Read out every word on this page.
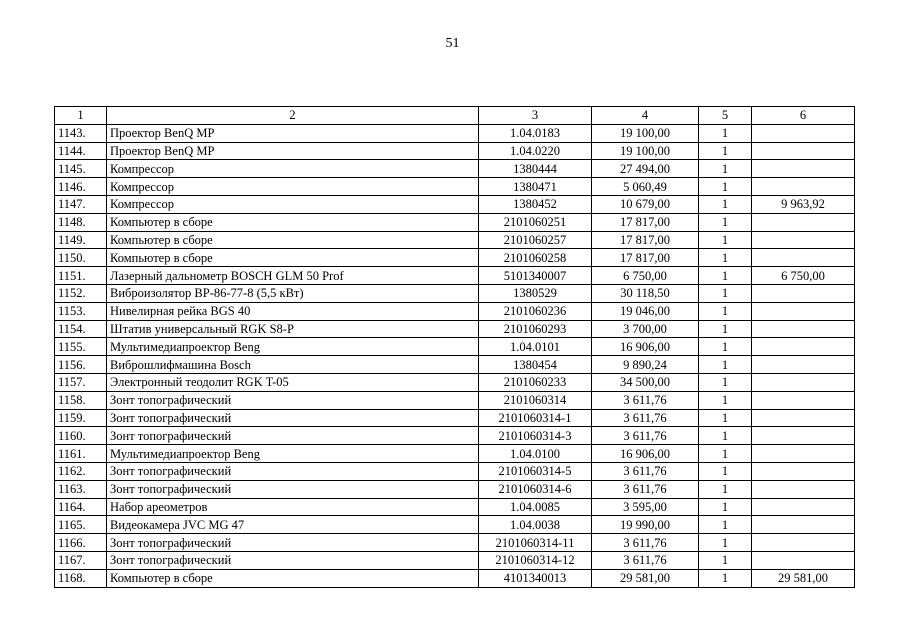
51
1	2	3	4	5	6
1143.	Проектор BenQ MP	1.04.0183	19 100,00	1	
1144.	Проектор BenQ MP	1.04.0220	19 100,00	1	
1145.	Компрессор	1380444	27 494,00	1	
1146.	Компрессор	1380471	5 060,49	1	
1147.	Компрессор	1380452	10 679,00	1	9 963,92
1148.	Компьютер в сборе	2101060251	17 817,00	1	
1149.	Компьютер в сборе	2101060257	17 817,00	1	
1150.	Компьютер в сборе	2101060258	17 817,00	1	
1151.	Лазерный дальнометр BOSCH GLM 50 Prof	5101340007	6 750,00	1	6 750,00
1152.	Виброизолятор ВР-86-77-8 (5,5 кВт)	1380529	30 118,50	1	
1153.	Нивелирная рейка BGS 40	2101060236	19 046,00	1	
1154.	Штатив универсальный RGK S8-P	2101060293	3 700,00	1	
1155.	Мультимедиапроектор Beng	1.04.0101	16 906,00	1	
1156.	Виброшлифмашина Bosch	1380454	9 890,24	1	
1157.	Электронный теодолит RGK T-05	2101060233	34 500,00	1	
1158.	Зонт топографический	2101060314	3 611,76	1	
1159.	Зонт топографический	2101060314-1	3 611,76	1	
1160.	Зонт топографический	2101060314-3	3 611,76	1	
1161.	Мультимедиапроектор Beng	1.04.0100	16 906,00	1	
1162.	Зонт топографический	2101060314-5	3 611,76	1	
1163.	Зонт топографический	2101060314-6	3 611,76	1	
1164.	Набор ареометров	1.04.0085	3 595,00	1	
1165.	Видеокамера JVC MG 47	1.04.0038	19 990,00	1	
1166.	Зонт топографический	2101060314-11	3 611,76	1	
1167.	Зонт топографический	2101060314-12	3 611,76	1	
1168.	Компьютер в сборе	4101340013	29 581,00	1	29 581,00
